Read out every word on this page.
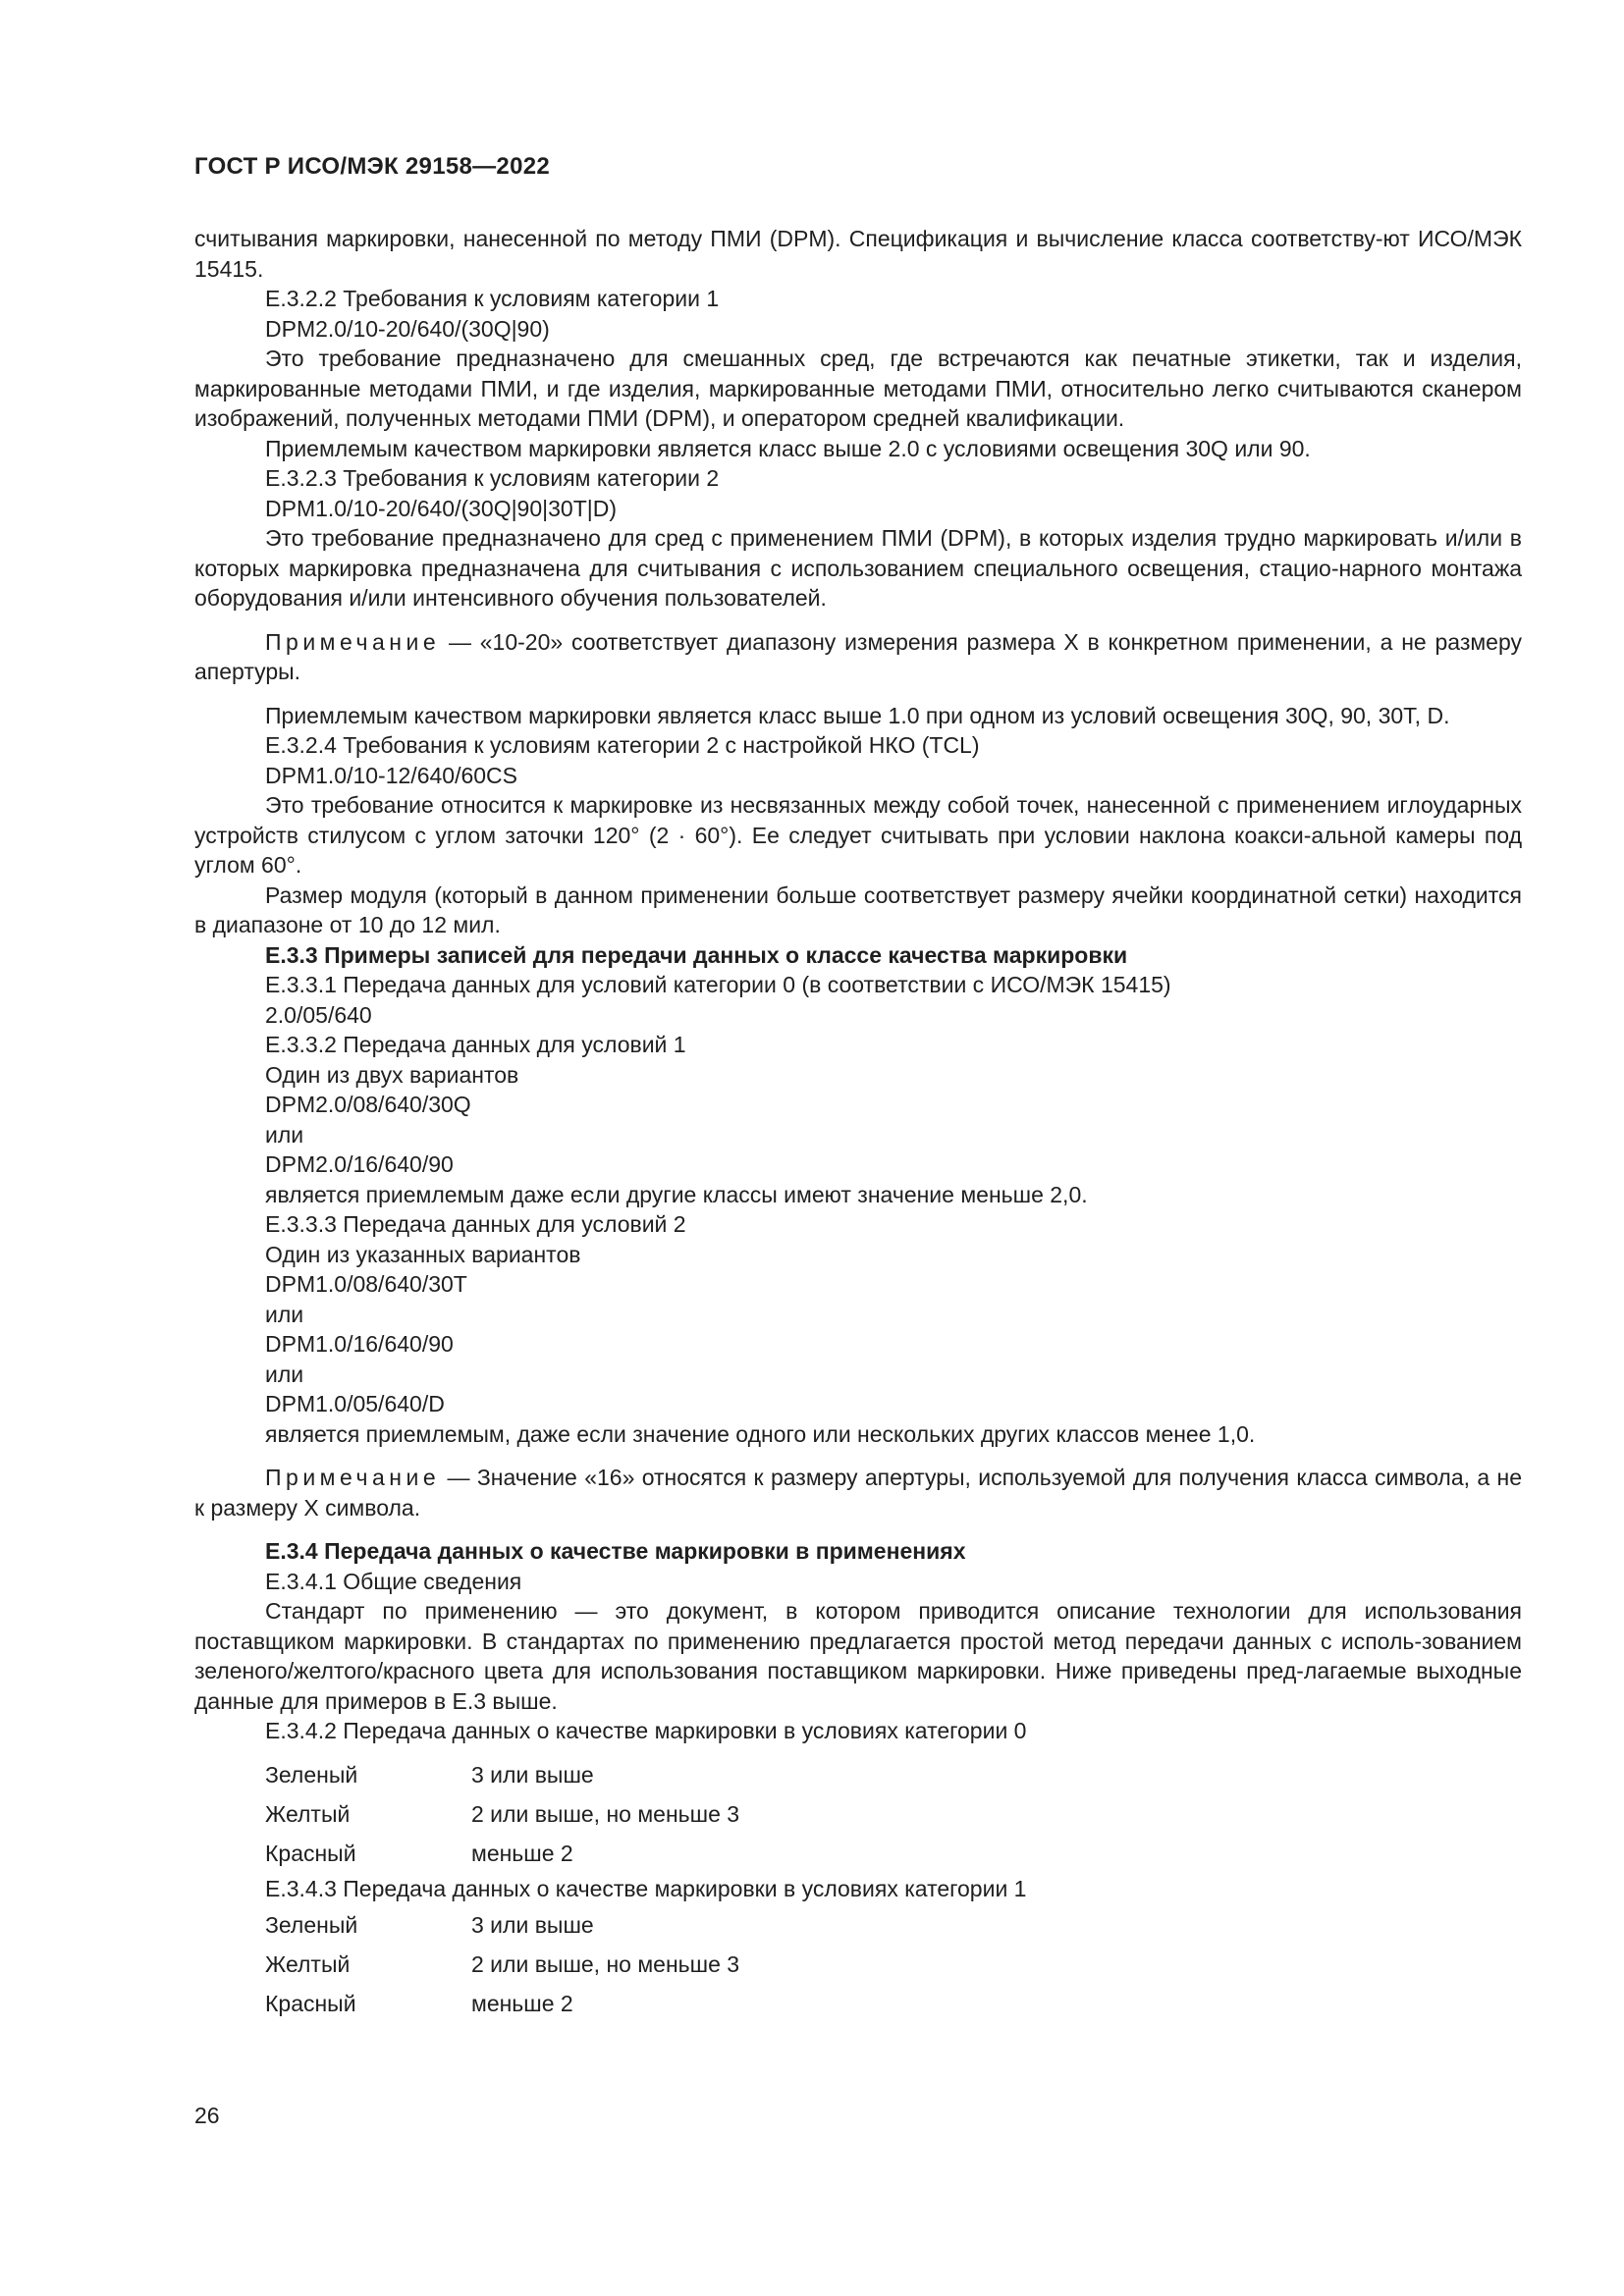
ГОСТ Р ИСО/МЭК 29158—2022

считывания маркировки, нанесенной по методу ПМИ (DPM). Спецификация и вычисление класса соответству-ют ИСО/МЭК 15415.

E.3.2.2 Требования к условиям категории 1

DPM2.0/10-20/640/(30Q|90)

Это требование предназначено для смешанных сред, где встречаются как печатные этикетки, так и изделия, маркированные методами ПМИ, и где изделия, маркированные методами ПМИ, относительно легко считываются сканером изображений, полученных методами ПМИ (DPM), и оператором средней квалификации.

Приемлемым качеством маркировки является класс выше 2.0 с условиями освещения 30Q или 90.

E.3.2.3 Требования к условиям категории 2

DPM1.0/10-20/640/(30Q|90|30T|D)

Это требование предназначено для сред с применением ПМИ (DPM), в которых изделия трудно маркировать и/или в которых маркировка предназначена для считывания с использованием специального освещения, стацио-нарного монтажа оборудования и/или интенсивного обучения пользователей.

Примечание — «10-20» соответствует диапазону измерения размера X в конкретном применении, а не размеру апертуры.

Приемлемым качеством маркировки является класс выше 1.0 при одном из условий освещения 30Q, 90, 30T, D.

E.3.2.4 Требования к условиям категории 2 с настройкой НКО (TCL)

DPM1.0/10-12/640/60CS

Это требование относится к маркировке из несвязанных между собой точек, нанесенной с применением иглоударных устройств стилусом с углом заточки 120° (2 · 60°). Ее следует считывать при условии наклона коакси-альной камеры под углом 60°.

Размер модуля (который в данном применении больше соответствует размеру ячейки координатной сетки) находится в диапазоне от 10 до 12 мил.

E.3.3 Примеры записей для передачи данных о классе качества маркировки

E.3.3.1 Передача данных для условий категории 0 (в соответствии с ИСО/МЭК 15415)

2.0/05/640

E.3.3.2 Передача данных для условий 1

Один из двух вариантов

DPM2.0/08/640/30Q

или

DPM2.0/16/640/90

является приемлемым даже если другие классы имеют значение меньше 2,0.

E.3.3.3 Передача данных для условий 2

Один из указанных вариантов

DPM1.0/08/640/30T

или

DPM1.0/16/640/90

или

DPM1.0/05/640/D

является приемлемым, даже если значение одного или нескольких других классов менее 1,0.

Примечание — Значение «16» относятся к размеру апертуры, используемой для получения класса символа, а не к размеру X символа.

E.3.4 Передача данных о качестве маркировки в применениях

E.3.4.1 Общие сведения

Стандарт по применению — это документ, в котором приводится описание технологии для использования поставщиком маркировки. В стандартах по применению предлагается простой метод передачи данных с исполь-зованием зеленого/желтого/красного цвета для использования поставщиком маркировки. Ниже приведены пред-лагаемые выходные данные для примеров в Е.3 выше.

E.3.4.2 Передача данных о качестве маркировки в условиях категории 0

Зеленый	3 или выше
Желтый	2 или выше, но меньше 3
Красный	меньше 2

E.3.4.3 Передача данных о качестве маркировки в условиях категории 1

Зеленый	3 или выше
Желтый	2 или выше, но меньше 3
Красный	меньше 2

26
